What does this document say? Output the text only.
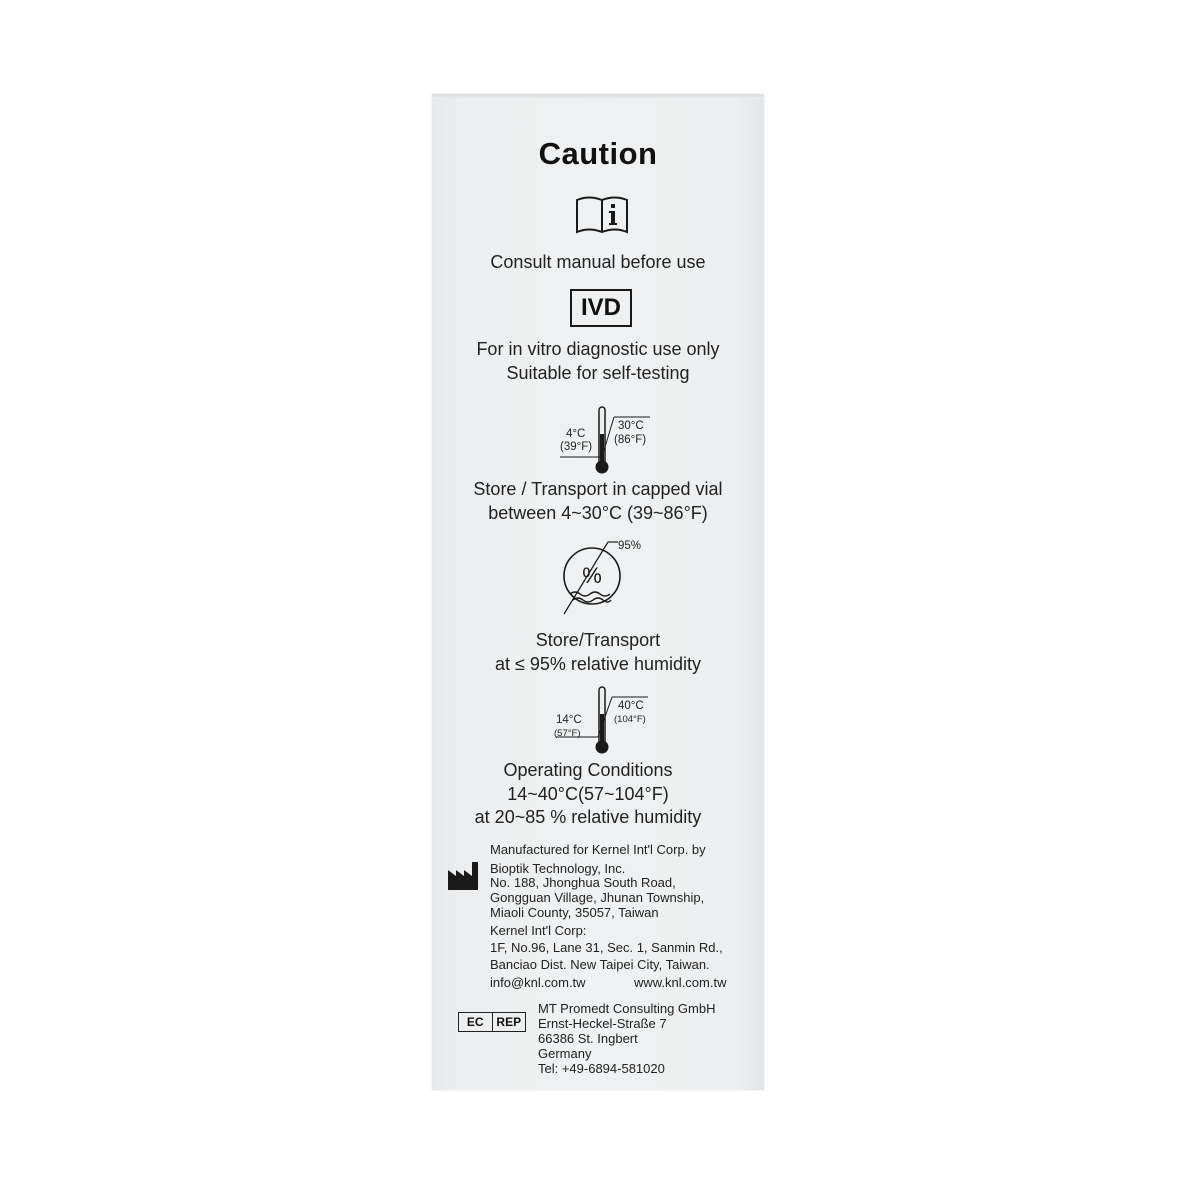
Caution
Consult manual before use
IVD
For in vitro diagnostic use only
Suitable for self-testing
4°C
(39°F)
30°C
(86°F)
Store / Transport in capped vial
between 4~30°C (39~86°F)
%
95%
Store/Transport
at ≤ 95% relative humidity
14°C
(57°F)
40°C
(104°F)
Operating Conditions
14~40°C(57~104°F)
at 20~85 % relative humidity
Manufactured for Kernel Int'l Corp. by
Bioptik Technology, Inc.
No. 188, Jhonghua South Road,
Gongguan Village, Jhunan Township,
Miaoli County, 35057, Taiwan
Kernel Int'l Corp:
1F, No.96, Lane 31, Sec. 1, Sanmin Rd.,
Banciao Dist. New Taipei City, Taiwan.
info@knl.com.tw	www.knl.com.tw
EC	REP
MT Promedt Consulting GmbH
Ernst-Heckel-Straße 7
66386 St. Ingbert
Germany
Tel: +49-6894-581020
